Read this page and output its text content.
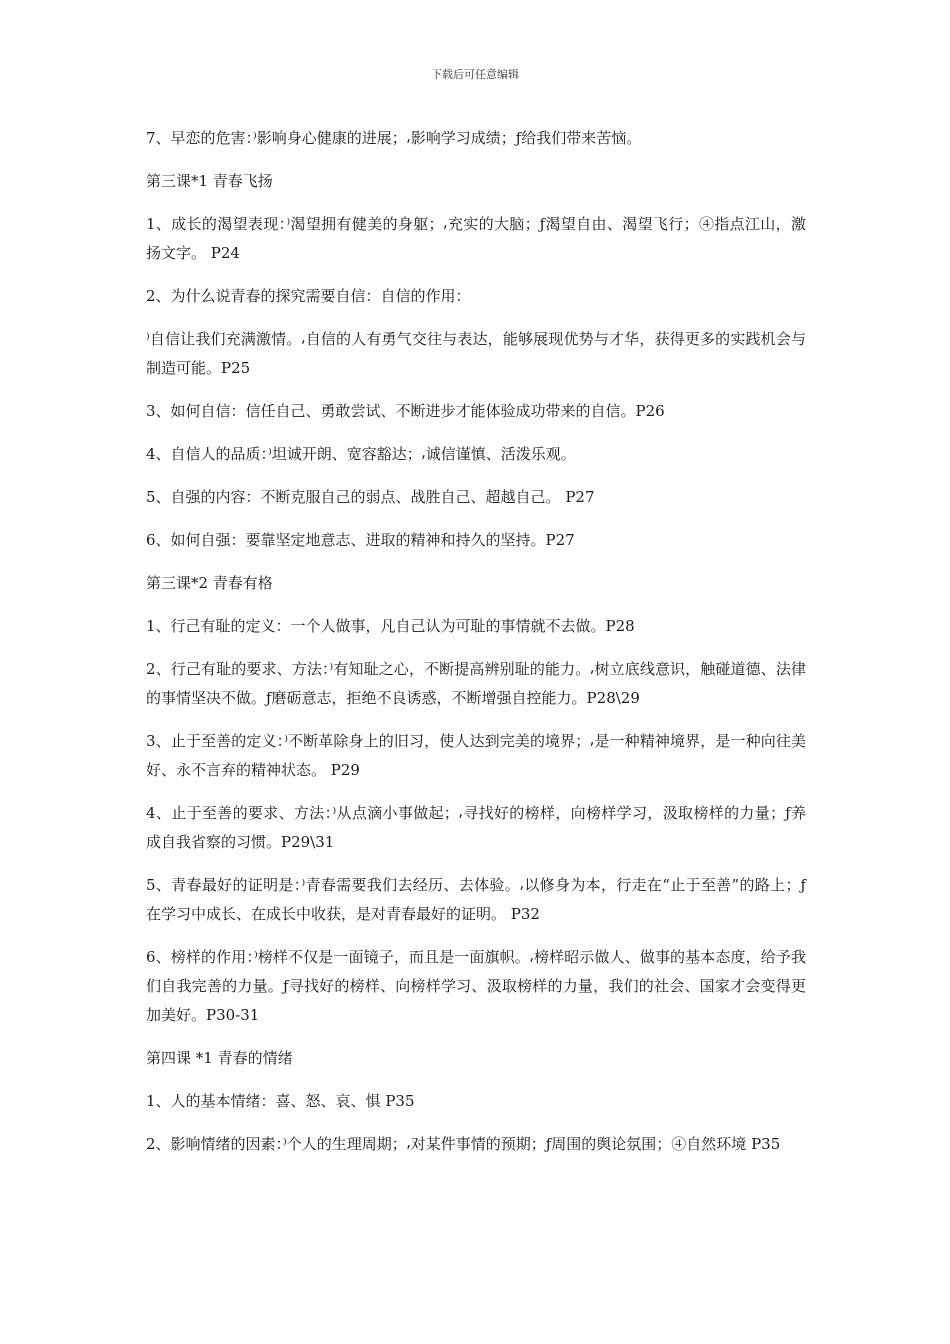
下载后可任意编辑

7、早恋的危害：⁾影响身心健康的进展；⸴影响学习成绩；ƒ给我们带来苦恼。

第三课*1 青春飞扬

1、成长的渴望表现：⁾渴望拥有健美的身躯；⸴充实的大脑；ƒ渴望自由、渴望飞行；④指点江山，激扬文字。 P24

2、为什么说青春的探究需要自信：自信的作用：

⁾自信让我们充满激情。⸴自信的人有勇气交往与表达，能够展现优势与才华，获得更多的实践机会与制造可能。P25

3、如何自信：信任自己、勇敢尝试、不断进步才能体验成功带来的自信。P26

4、自信人的品质：⁾坦诚开朗、宽容豁达；⸴诚信谨慎、活泼乐观。

5、自强的内容：不断克服自己的弱点、战胜自己、超越自己。 P27

6、如何自强：要靠坚定地意志、进取的精神和持久的坚持。P27

第三课*2 青春有格

1、行己有耻的定义：一个人做事，凡自己认为可耻的事情就不去做。P28

2、行己有耻的要求、方法：⁾有知耻之心，不断提高辨别耻的能力。⸴树立底线意识，触碰道德、法律的事情坚决不做。ƒ磨砺意志，拒绝不良诱惑，不断增强自控能力。P28\29

3、止于至善的定义：⁾不断革除身上的旧习，使人达到完美的境界；⸴是一种精神境界，是一种向往美好、永不言弃的精神状态。 P29

4、止于至善的要求、方法：⁾从点滴小事做起；⸴寻找好的榜样，向榜样学习，汲取榜样的力量；ƒ养成自我省察的习惯。P29\31

5、青春最好的证明是：⁾青春需要我们去经历、去体验。⸴以修身为本，行走在“止于至善”的路上；ƒ在学习中成长、在成长中收获，是对青春最好的证明。 P32

6、榜样的作用：⁾榜样不仅是一面镜子，而且是一面旗帜。⸴榜样昭示做人、做事的基本态度，给予我们自我完善的力量。ƒ寻找好的榜样、向榜样学习、汲取榜样的力量，我们的社会、国家才会变得更加美好。P30-31

第四课 *1 青春的情绪

1、人的基本情绪：喜、怒、哀、惧 P35

2、影响情绪的因素：⁾个人的生理周期；⸴对某件事情的预期；ƒ周围的舆论氛围；④自然环境 P35
